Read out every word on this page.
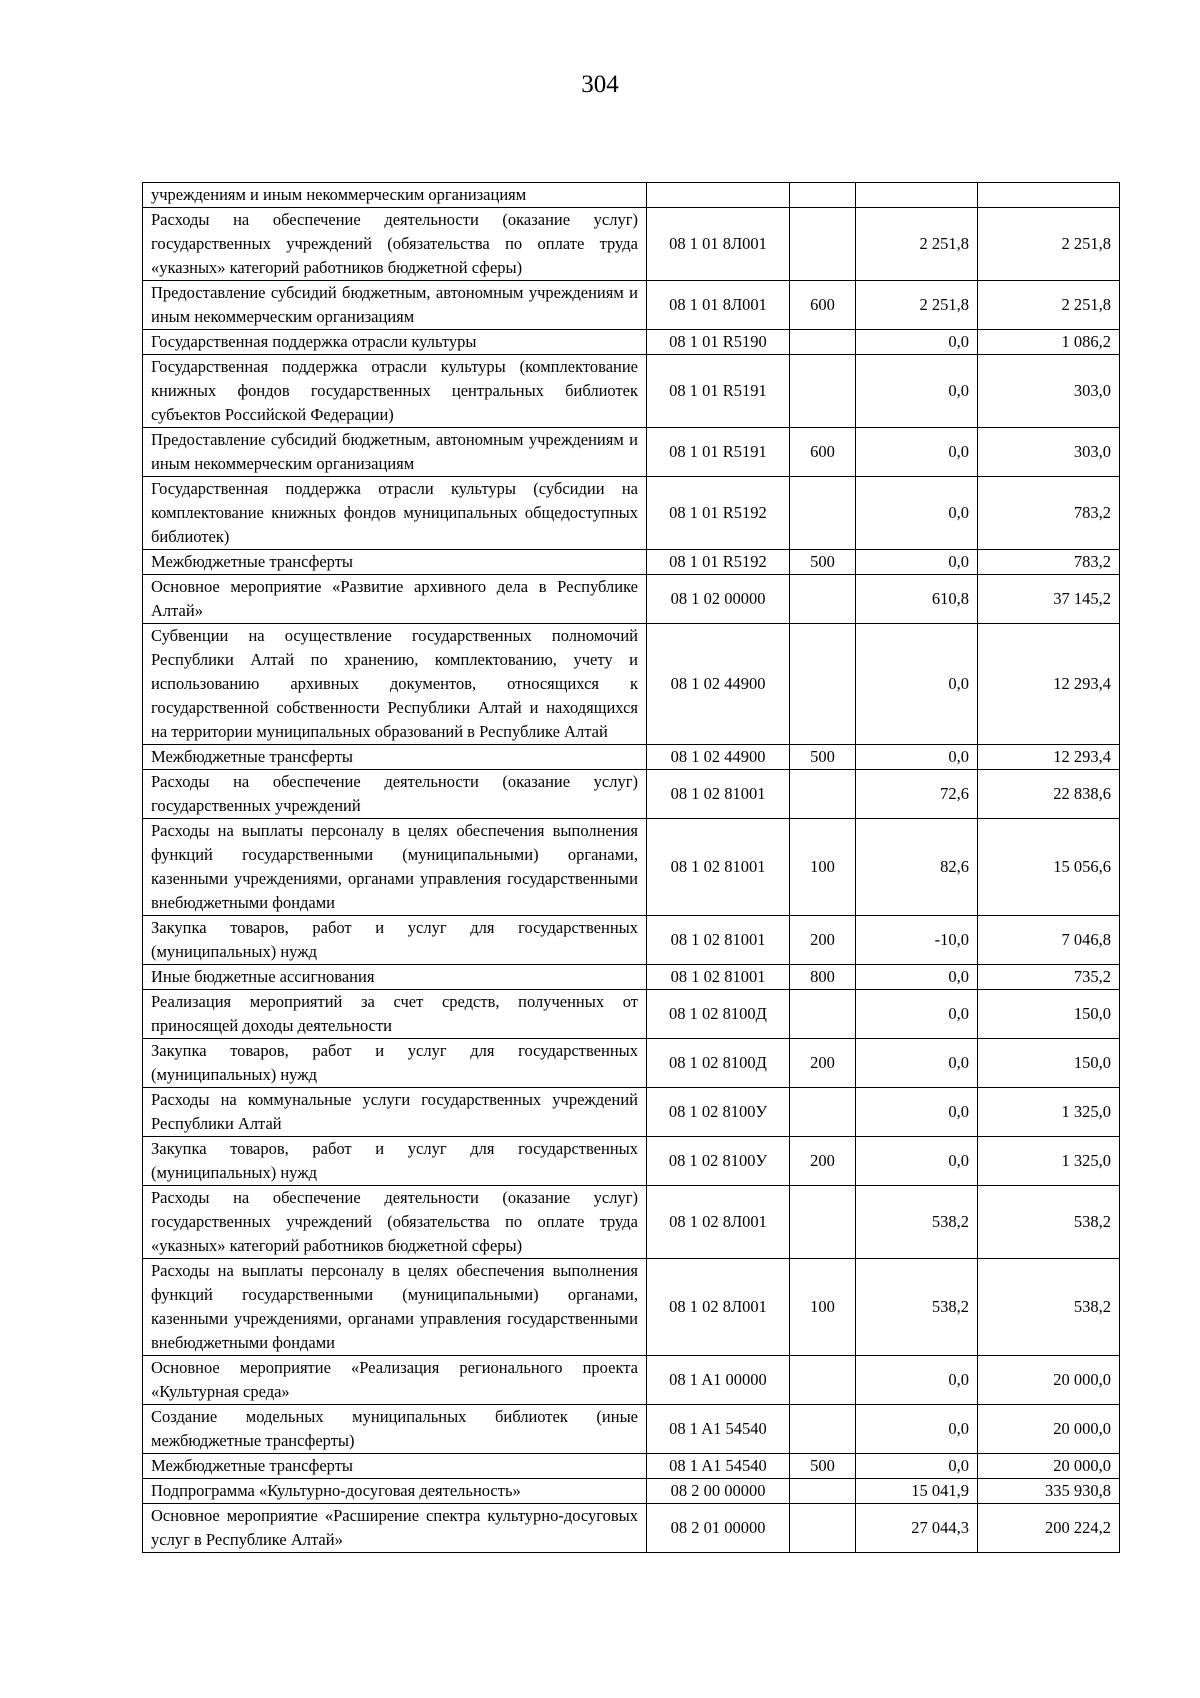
304
учреждениям и иным некоммерческим организациям				
Расходы на обеспечение деятельности (оказание услуг) государственных учреждений (обязательства по оплате труда «указных» категорий работников бюджетной сферы)	08 1 01 8Л001		2 251,8	2 251,8
Предоставление субсидий бюджетным, автономным учреждениям и иным некоммерческим организациям	08 1 01 8Л001	600	2 251,8	2 251,8
Государственная поддержка отрасли культуры	08 1 01 R5190		0,0	1 086,2
Государственная поддержка отрасли культуры (комплектование книжных фондов государственных центральных библиотек субъектов Российской Федерации)	08 1 01 R5191		0,0	303,0
Предоставление субсидий бюджетным, автономным учреждениям и иным некоммерческим организациям	08 1 01 R5191	600	0,0	303,0
Государственная поддержка отрасли культуры (субсидии на комплектование книжных фондов муниципальных общедоступных библиотек)	08 1 01 R5192		0,0	783,2
Межбюджетные трансферты	08 1 01 R5192	500	0,0	783,2
Основное мероприятие «Развитие архивного дела в Республике Алтай»	08 1 02 00000		610,8	37 145,2
Субвенции на осуществление государственных полномочий Республики Алтай по хранению, комплектованию, учету и использованию архивных документов, относящихся к государственной собственности Республики Алтай и находящихся на территории муниципальных образований в Республике Алтай	08 1 02 44900		0,0	12 293,4
Межбюджетные трансферты	08 1 02 44900	500	0,0	12 293,4
Расходы на обеспечение деятельности (оказание услуг) государственных учреждений	08 1 02 81001		72,6	22 838,6
Расходы на выплаты персоналу в целях обеспечения выполнения функций государственными (муниципальными) органами, казенными учреждениями, органами управления государственными внебюджетными фондами	08 1 02 81001	100	82,6	15 056,6
Закупка товаров, работ и услуг для государственных (муниципальных) нужд	08 1 02 81001	200	-10,0	7 046,8
Иные бюджетные ассигнования	08 1 02 81001	800	0,0	735,2
Реализация мероприятий за счет средств, полученных от приносящей доходы деятельности	08 1 02 8100Д		0,0	150,0
Закупка товаров, работ и услуг для государственных (муниципальных) нужд	08 1 02 8100Д	200	0,0	150,0
Расходы на коммунальные услуги государственных учреждений Республики Алтай	08 1 02 8100У		0,0	1 325,0
Закупка товаров, работ и услуг для государственных (муниципальных) нужд	08 1 02 8100У	200	0,0	1 325,0
Расходы на обеспечение деятельности (оказание услуг) государственных учреждений (обязательства по оплате труда «указных» категорий работников бюджетной сферы)	08 1 02 8Л001		538,2	538,2
Расходы на выплаты персоналу в целях обеспечения выполнения функций государственными (муниципальными) органами, казенными учреждениями, органами управления государственными внебюджетными фондами	08 1 02 8Л001	100	538,2	538,2
Основное мероприятие «Реализация регионального проекта «Культурная среда»	08 1 A1 00000		0,0	20 000,0
Создание модельных муниципальных библиотек (иные межбюджетные трансферты)	08 1 A1 54540		0,0	20 000,0
Межбюджетные трансферты	08 1 A1 54540	500	0,0	20 000,0
Подпрограмма «Культурно-досуговая деятельность»	08 2 00 00000		15 041,9	335 930,8
Основное мероприятие «Расширение спектра культурно-досуговых услуг в Республике Алтай»	08 2 01 00000		27 044,3	200 224,2
